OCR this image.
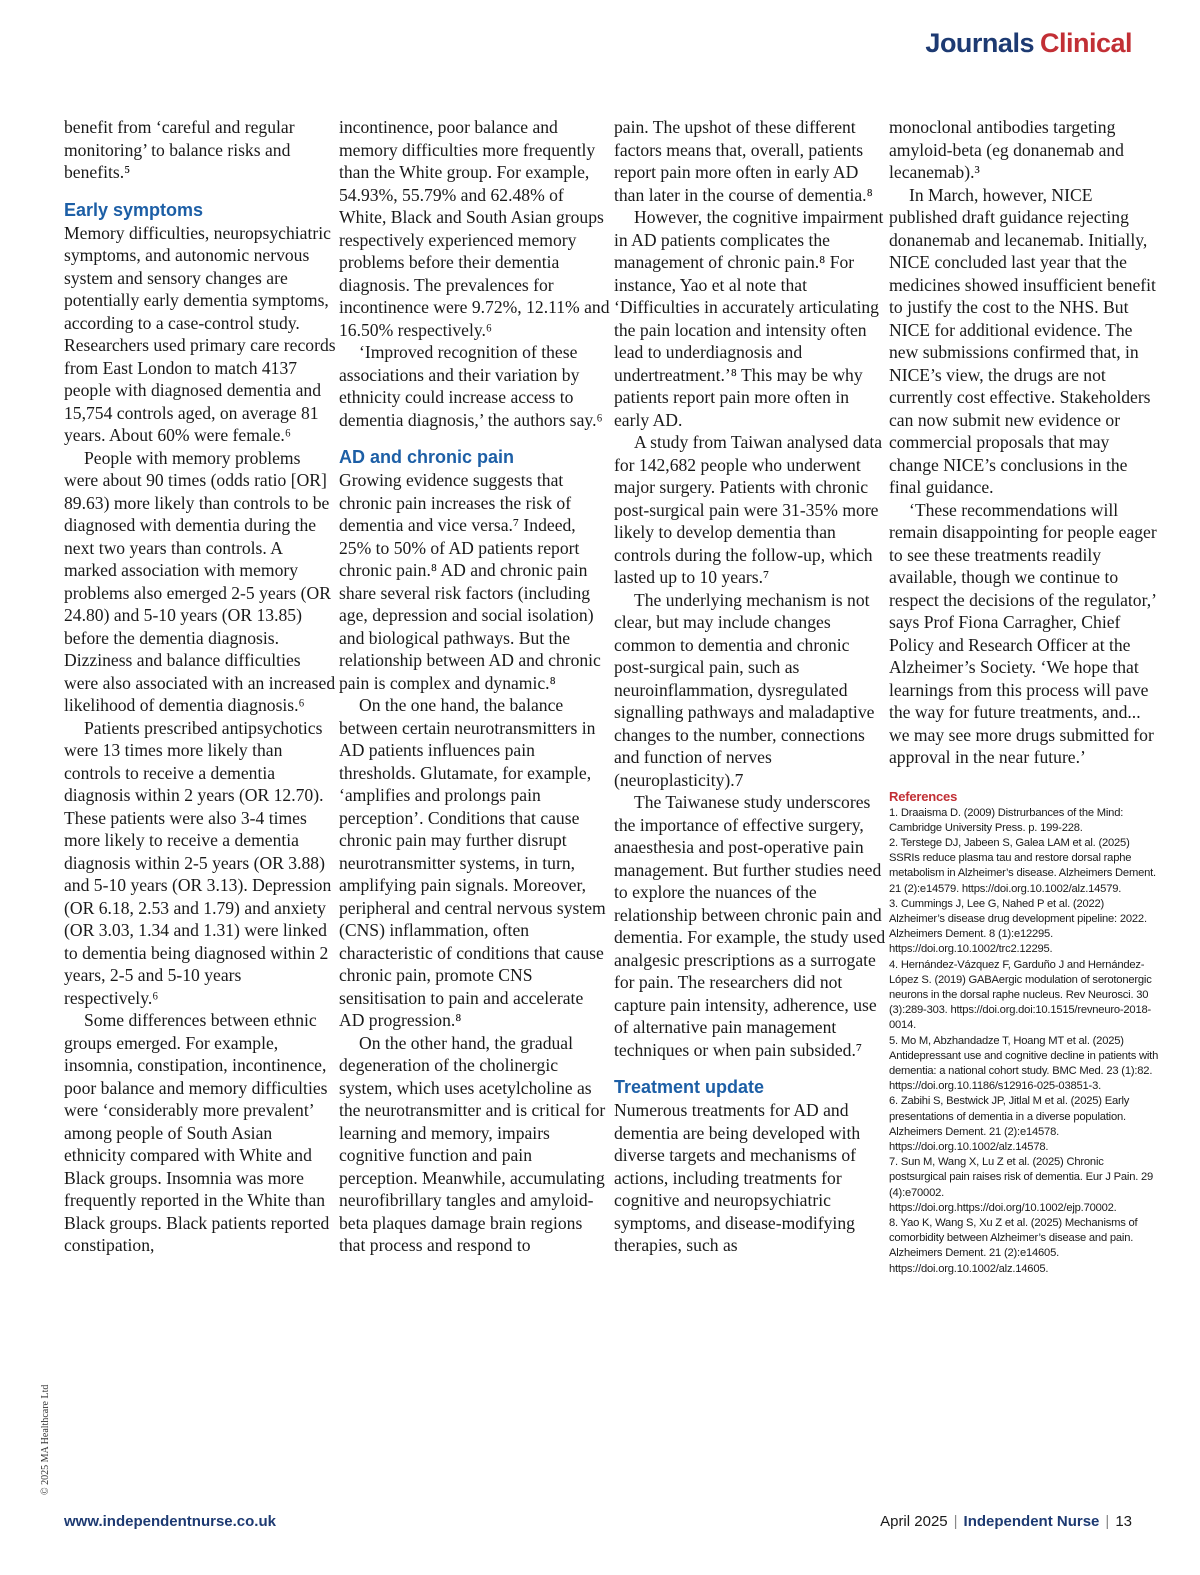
Journals Clinical

benefit from ‘careful and regular monitoring’ to balance risks and benefits.⁵

Early symptoms

Memory difficulties, neuropsychiatric symptoms, and autonomic nervous system and sensory changes are potentially early dementia symptoms, according to a case-control study. Researchers used primary care records from East London to match 4137 people with diagnosed dementia and 15,754 controls aged, on average 81 years. About 60% were female.⁶

People with memory problems were about 90 times (odds ratio [OR] 89.63) more likely than controls to be diagnosed with dementia during the next two years than controls. A marked association with memory problems also emerged 2-5 years (OR 24.80) and 5-10 years (OR 13.85) before the dementia diagnosis. Dizziness and balance difficulties were also associated with an increased likelihood of dementia diagnosis.⁶

Patients prescribed antipsychotics were 13 times more likely than controls to receive a dementia diagnosis within 2 years (OR 12.70). These patients were also 3-4 times more likely to receive a dementia diagnosis within 2-5 years (OR 3.88) and 5-10 years (OR 3.13). Depression (OR 6.18, 2.53 and 1.79) and anxiety (OR 3.03, 1.34 and 1.31) were linked to dementia being diagnosed within 2 years, 2-5 and 5-10 years respectively.⁶

Some differences between ethnic groups emerged. For example, insomnia, constipation, incontinence, poor balance and memory difficulties were ‘considerably more prevalent’ among people of South Asian ethnicity compared with White and Black groups. Insomnia was more frequently reported in the White than Black groups. Black patients reported constipation,

incontinence, poor balance and memory difficulties more frequently than the White group. For example, 54.93%, 55.79% and 62.48% of White, Black and South Asian groups respectively experienced memory problems before their dementia diagnosis. The prevalences for incontinence were 9.72%, 12.11% and 16.50% respectively.⁶

‘Improved recognition of these associations and their variation by ethnicity could increase access to dementia diagnosis,’ the authors say.⁶

AD and chronic pain

Growing evidence suggests that chronic pain increases the risk of dementia and vice versa.⁷ Indeed, 25% to 50% of AD patients report chronic pain.⁸ AD and chronic pain share several risk factors (including age, depression and social isolation) and biological pathways. But the relationship between AD and chronic pain is complex and dynamic.⁸

On the one hand, the balance between certain neurotransmitters in AD patients influences pain thresholds. Glutamate, for example, ‘amplifies and prolongs pain perception’. Conditions that cause chronic pain may further disrupt neurotransmitter systems, in turn, amplifying pain signals. Moreover, peripheral and central nervous system (CNS) inflammation, often characteristic of conditions that cause chronic pain, promote CNS sensitisation to pain and accelerate AD progression.⁸

On the other hand, the gradual degeneration of the cholinergic system, which uses acetylcholine as the neurotransmitter and is critical for learning and memory, impairs cognitive function and pain perception. Meanwhile, accumulating neurofibrillary tangles and amyloid-beta plaques damage brain regions that process and respond to

pain. The upshot of these different factors means that, overall, patients report pain more often in early AD than later in the course of dementia.⁸

However, the cognitive impairment in AD patients complicates the management of chronic pain.⁸ For instance, Yao et al note that ‘Difficulties in accurately articulating the pain location and intensity often lead to underdiagnosis and undertreatment.’⁸ This may be why patients report pain more often in early AD.

A study from Taiwan analysed data for 142,682 people who underwent major surgery. Patients with chronic post-surgical pain were 31-35% more likely to develop dementia than controls during the follow-up, which lasted up to 10 years.⁷

The underlying mechanism is not clear, but may include changes common to dementia and chronic post-surgical pain, such as neuroinflammation, dysregulated signalling pathways and maladaptive changes to the number, connections and function of nerves (neuroplasticity).7

The Taiwanese study underscores the importance of effective surgery, anaesthesia and post-operative pain management. But further studies need to explore the nuances of the relationship between chronic pain and dementia. For example, the study used analgesic prescriptions as a surrogate for pain. The researchers did not capture pain intensity, adherence, use of alternative pain management techniques or when pain subsided.⁷

Treatment update

Numerous treatments for AD and dementia are being developed with diverse targets and mechanisms of actions, including treatments for cognitive and neuropsychiatric symptoms, and disease-modifying therapies, such as

monoclonal antibodies targeting amyloid-beta (eg donanemab and lecanemab).³

In March, however, NICE published draft guidance rejecting donanemab and lecanemab. Initially, NICE concluded last year that the medicines showed insufficient benefit to justify the cost to the NHS. But NICE for additional evidence. The new submissions confirmed that, in NICE’s view, the drugs are not currently cost effective. Stakeholders can now submit new evidence or commercial proposals that may change NICE’s conclusions in the final guidance.

‘These recommendations will remain disappointing for people eager to see these treatments readily available, though we continue to respect the decisions of the regulator,’ says Prof Fiona Carragher, Chief Policy and Research Officer at the Alzheimer’s Society. ‘We hope that learnings from this process will pave the way for future treatments, and... we may see more drugs submitted for approval in the near future.’

References
1. Draaisma D. (2009) Distrurbances of the Mind: Cambridge University Press. p. 199-228.
2. Terstege DJ, Jabeen S, Galea LAM et al. (2025) SSRIs reduce plasma tau and restore dorsal raphe metabolism in Alzheimer’s disease. Alzheimers Dement. 21 (2):e14579. https://doi.org.10.1002/alz.14579.
3. Cummings J, Lee G, Nahed P et al. (2022) Alzheimer’s disease drug development pipeline: 2022. Alzheimers Dement. 8 (1):e12295. https://doi.org.10.1002/trc2.12295.
4. Hernández-Vázquez F, Garduño J and Hernández-López S. (2019) GABAergic modulation of serotonergic neurons in the dorsal raphe nucleus. Rev Neurosci. 30 (3):289-303. https://doi.org.doi:10.1515/revneuro-2018-0014.
5. Mo M, Abzhandadze T, Hoang MT et al. (2025) Antidepressant use and cognitive decline in patients with dementia: a national cohort study. BMC Med. 23 (1):82. https://doi.org.10.1186/s12916-025-03851-3.
6. Zabihi S, Bestwick JP, Jitlal M et al. (2025) Early presentations of dementia in a diverse population. Alzheimers Dement. 21 (2):e14578. https://doi.org.10.1002/alz.14578.
7. Sun M, Wang X, Lu Z et al. (2025) Chronic postsurgical pain raises risk of dementia. Eur J Pain. 29 (4):e70002. https://doi.org.https://doi.org/10.1002/ejp.70002.
8. Yao K, Wang S, Xu Z et al. (2025) Mechanisms of comorbidity between Alzheimer’s disease and pain. Alzheimers Dement. 21 (2):e14605. https://doi.org.10.1002/alz.14605.
© 2025 MA Healthcare Ltd
www.independentnurse.co.uk	April 2025 | Independent Nurse | 13
